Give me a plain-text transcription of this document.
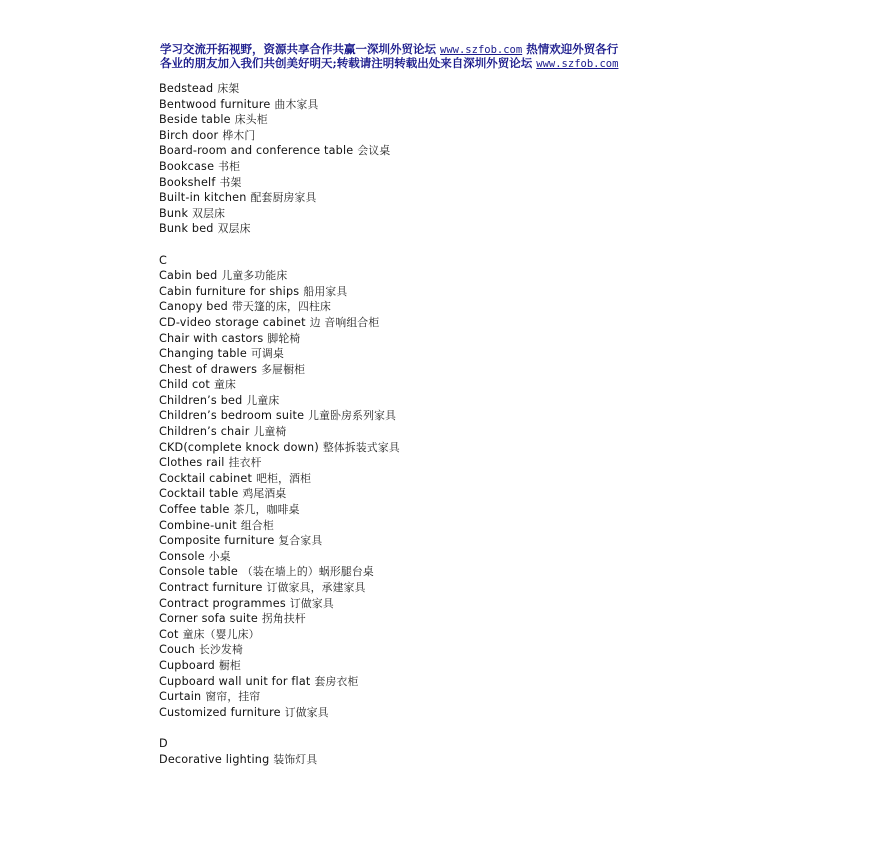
学习交流开拓视野，资源共享合作共赢一深圳外贸论坛 www.szfob.com 热情欢迎外贸各行
各业的朋友加入我们共创美好明天;转载请注明转载出处来自深圳外贸论坛 www.szfob.com
Bedstead 床架
Bentwood furniture 曲木家具
Beside table 床头柜
Birch door 桦木门
Board-room and conference table 会议桌
Bookcase 书柜
Bookshelf 书架
Built-in kitchen 配套厨房家具
Bunk 双层床
Bunk bed 双层床
C
Cabin bed 儿童多功能床
Cabin furniture for ships 船用家具
Canopy bed 带天篷的床，四柱床
CD-video storage cabinet 边 音响组合柜
Chair with castors 脚轮椅
Changing table 可调桌
Chest of drawers 多屉橱柜
Child cot 童床
Children’s bed 儿童床
Children’s bedroom suite 儿童卧房系列家具
Children’s chair 儿童椅
CKD(complete knock down) 整体拆装式家具
Clothes rail 挂衣杆
Cocktail cabinet 吧柜，酒柜
Cocktail table 鸡尾酒桌
Coffee table 茶几，咖啡桌
Combine-unit 组合柜
Composite furniture 复合家具
Console 小桌
Console table （装在墙上的）蜗形腿台桌
Contract furniture 订做家具，承建家具
Contract programmes 订做家具
Corner sofa suite 拐角扶杆
Cot 童床（婴儿床）
Couch 长沙发椅
Cupboard 橱柜
Cupboard wall unit for flat 套房衣柜
Curtain 窗帘，挂帘
Customized furniture 订做家具
D
Decorative lighting 装饰灯具
